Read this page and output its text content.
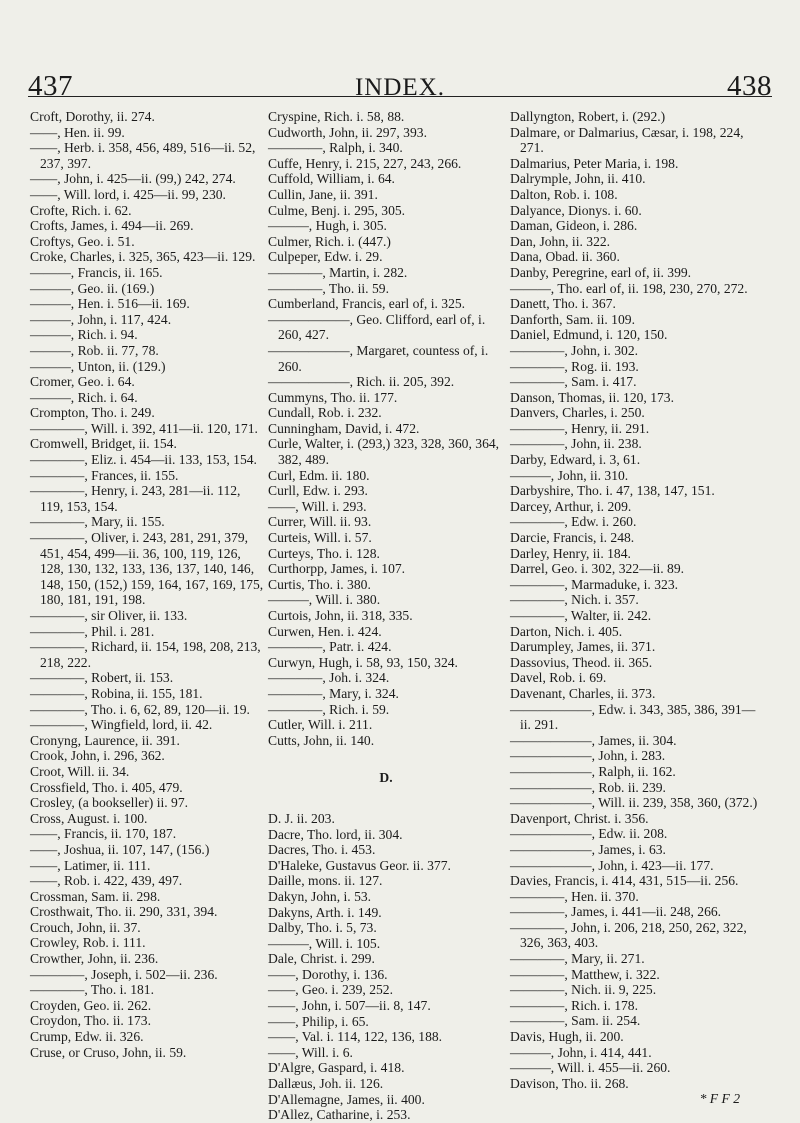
437	INDEX.	438
Croft, Dorothy, ii. 274.
——, Hen. ii. 99.
——, Herb. i. 358, 456, 489, 516—ii. 52, 237, 397.
——, John, i. 425—ii. (99,) 242, 274.
——, Will. lord, i. 425—ii. 99, 230.
Crofte, Rich. i. 62.
Crofts, James, i. 494—ii. 269.
Croftys, Geo. i. 51.
Croke, Charles, i. 325, 365, 423—ii. 129.
———, Francis, ii. 165.
———, Geo. ii. (169.)
———, Hen. i. 516—ii. 169.
———, John, i. 117, 424.
———, Rich. i. 94.
———, Rob. ii. 77, 78.
———, Unton, ii. (129.)
Cromer, Geo. i. 64.
———, Rich. i. 64.
Crompton, Tho. i. 249.
————, Will. i. 392, 411—ii. 120, 171.
Cromwell, Bridget, ii. 154.
————, Eliz. i. 454—ii. 133, 153, 154.
————, Frances, ii. 155.
————, Henry, i. 243, 281—ii. 112, 119, 153, 154.
————, Mary, ii. 155.
————, Oliver, i. 243, 281, 291, 379, 451, 454, 499—ii. 36, 100, 119, 126, 128, 130, 132, 133, 136, 137, 140, 146, 148, 150, (152,) 159, 164, 167, 169, 175, 180, 181, 191, 198.
————, sir Oliver, ii. 133.
————, Phil. i. 281.
————, Richard, ii. 154, 198, 208, 213, 218, 222.
————, Robert, ii. 153.
————, Robina, ii. 155, 181.
————, Tho. i. 6, 62, 89, 120—ii. 19.
————, Wingfield, lord, ii. 42.
Cronyng, Laurence, ii. 391.
Crook, John, i. 296, 362.
Croot, Will. ii. 34.
Crossfield, Tho. i. 405, 479.
Crosley, (a bookseller) ii. 97.
Cross, August. i. 100.
——, Francis, ii. 170, 187.
——, Joshua, ii. 107, 147, (156.)
——, Latimer, ii. 111.
——, Rob. i. 422, 439, 497.
Crossman, Sam. ii. 298.
Crosthwait, Tho. ii. 290, 331, 394.
Crouch, John, ii. 37.
Crowley, Rob. i. 111.
Crowther, John, ii. 236.
————, Joseph, i. 502—ii. 236.
————, Tho. i. 181.
Croyden, Geo. ii. 262.
Croydon, Tho. ii. 173.
Crump, Edw. ii. 326.
Cruse, or Cruso, John, ii. 59.
Cryspine, Rich. i. 58, 88.
Cudworth, John, ii. 297, 393.
————, Ralph, i. 340.
Cuffe, Henry, i. 215, 227, 243, 266.
Cuffold, William, i. 64.
Cullin, Jane, ii. 391.
Culme, Benj. i. 295, 305.
———, Hugh, i. 305.
Culmer, Rich. i. (447.)
Culpeper, Edw. i. 29.
————, Martin, i. 282.
————, Tho. ii. 59.
Cumberland, Francis, earl of, i. 325.
——————, Geo. Clifford, earl of, i. 260, 427.
——————, Margaret, countess of, i. 260.
——————, Rich. ii. 205, 392.
Cummyns, Tho. ii. 177.
Cundall, Rob. i. 232.
Cunningham, David, i. 472.
Curle, Walter, i. (293,) 323, 328, 360, 364, 382, 489.
Curl, Edm. ii. 180.
Curll, Edw. i. 293.
——, Will. i. 293.
Currer, Will. ii. 93.
Curteis, Will. i. 57.
Curteys, Tho. i. 128.
Curthorpp, James, i. 107.
Curtis, Tho. i. 380.
———, Will. i. 380.
Curtois, John, ii. 318, 335.
Curwen, Hen. i. 424.
————, Patr. i. 424.
Curwyn, Hugh, i. 58, 93, 150, 324.
————, Joh. i. 324.
————, Mary, i. 324.
————, Rich. i. 59.
Cutler, Will. i. 211.
Cutts, John, ii. 140.
D.
D. J. ii. 203.
Dacre, Tho. lord, ii. 304.
Dacres, Tho. i. 453.
D'Haleke, Gustavus Geor. ii. 377.
Daille, mons. ii. 127.
Dakyn, John, i. 53.
Dakyns, Arth. i. 149.
Dalby, Tho. i. 5, 73.
———, Will. i. 105.
Dale, Christ. i. 299.
——, Dorothy, i. 136.
——, Geo. i. 239, 252.
——, John, i. 507—ii. 8, 147.
——, Philip, i. 65.
——, Val. i. 114, 122, 136, 188.
——, Will. i. 6.
D'Algre, Gaspard, i. 418.
Dallæus, Joh. ii. 126.
D'Allemagne, James, ii. 400.
D'Allez, Catharine, i. 253.
Dallyngton, Robert, i. (292.)
Dalmare, or Dalmarius, Cæsar, i. 198, 224, 271.
Dalmarius, Peter Maria, i. 198.
Dalrymple, John, ii. 410.
Dalton, Rob. i. 108.
Dalyance, Dionys. i. 60.
Daman, Gideon, i. 286.
Dan, John, ii. 322.
Dana, Obad. ii. 360.
Danby, Peregrine, earl of, ii. 399.
———, Tho. earl of, ii. 198, 230, 270, 272.
Danett, Tho. i. 367.
Danforth, Sam. ii. 109.
Daniel, Edmund, i. 120, 150.
————, John, i. 302.
————, Rog. ii. 193.
————, Sam. i. 417.
Danson, Thomas, ii. 120, 173.
Danvers, Charles, i. 250.
————, Henry, ii. 291.
————, John, ii. 238.
Darby, Edward, i. 3, 61.
———, John, ii. 310.
Darbyshire, Tho. i. 47, 138, 147, 151.
Darcey, Arthur, i. 209.
————, Edw. i. 260.
Darcie, Francis, i. 248.
Darley, Henry, ii. 184.
Darrel, Geo. i. 302, 322—ii. 89.
————, Marmaduke, i. 323.
————, Nich. i. 357.
————, Walter, ii. 242.
Darton, Nich. i. 405.
Darumpley, James, ii. 371.
Dassovius, Theod. ii. 365.
Davel, Rob. i. 69.
Davenant, Charles, ii. 373.
——————, Edw. i. 343, 385, 386, 391—ii. 291.
——————, James, ii. 304.
——————, John, i. 283.
——————, Ralph, ii. 162.
——————, Rob. ii. 239.
——————, Will. ii. 239, 358, 360, (372.)
Davenport, Christ. i. 356.
——————, Edw. ii. 208.
——————, James, i. 63.
——————, John, i. 423—ii. 177.
Davies, Francis, i. 414, 431, 515—ii. 256.
————, Hen. ii. 370.
————, James, i. 441—ii. 248, 266.
————, John, i. 206, 218, 250, 262, 322, 326, 363, 403.
————, Mary, ii. 271.
————, Matthew, i. 322.
————, Nich. ii. 9, 225.
————, Rich. i. 178.
————, Sam. ii. 254.
Davis, Hugh, ii. 200.
———, John, i. 414, 441.
———, Will. i. 455—ii. 260.
Davison, Tho. ii. 268.
* F F 2
